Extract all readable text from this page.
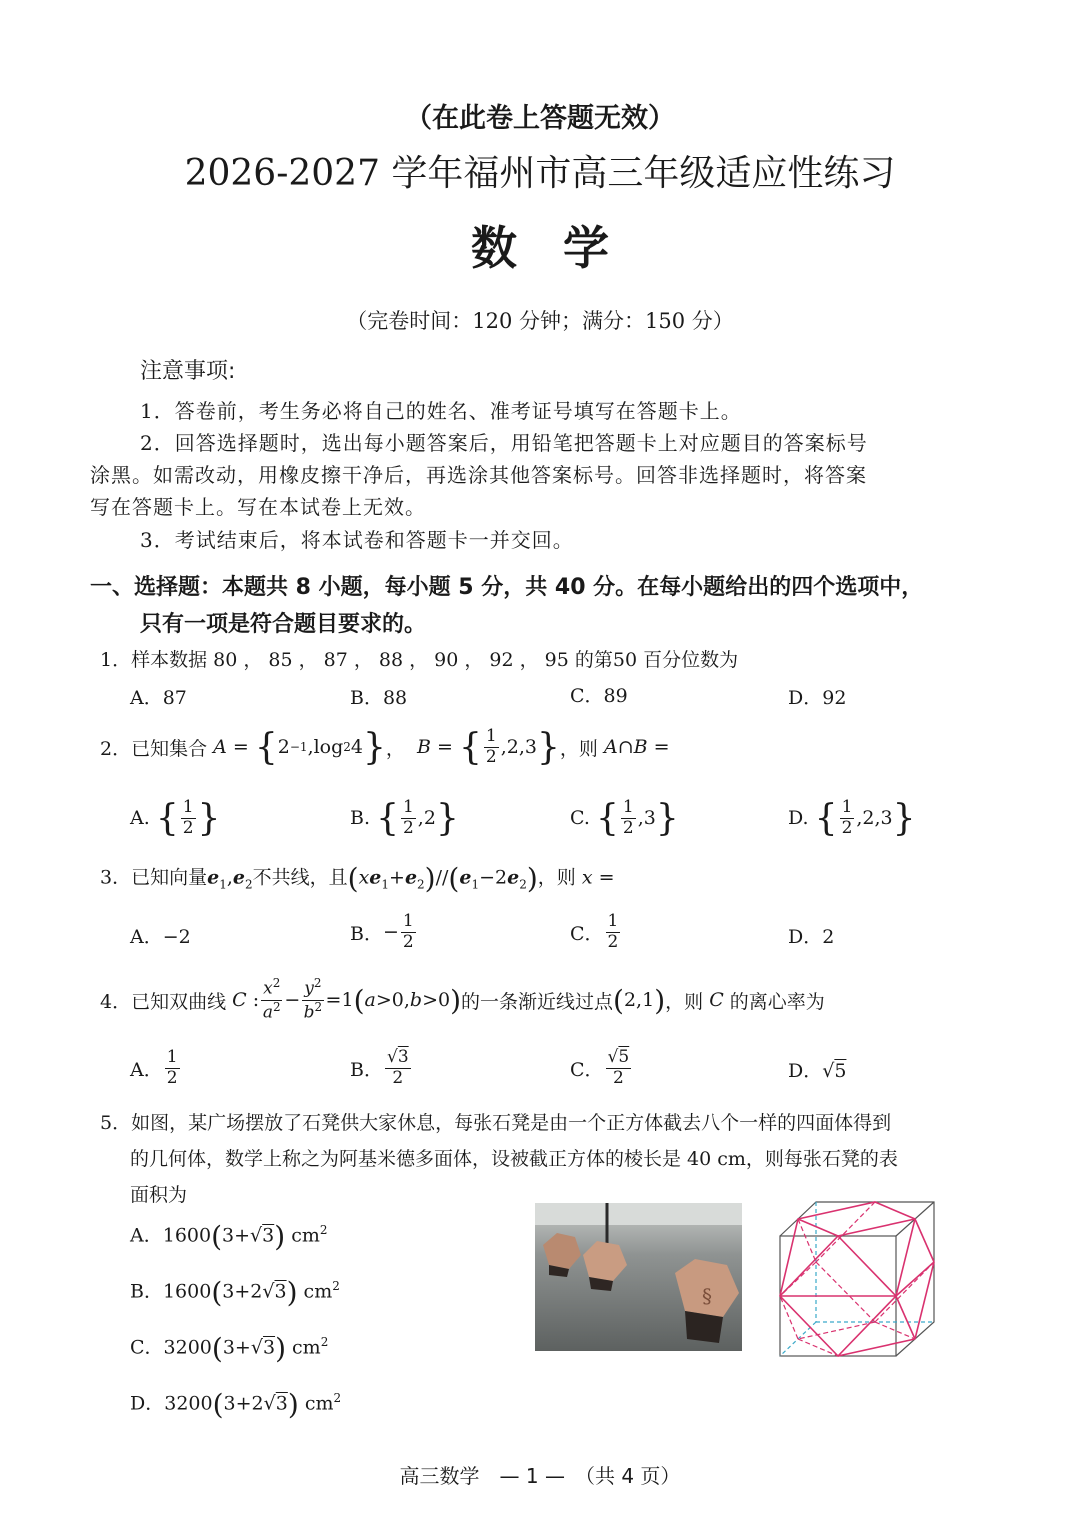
（在此卷上答题无效）
2026-2027 学年福州市高三年级适应性练习
数　学
（完卷时间：120 分钟；满分：150 分）
注意事项:
1．答卷前，考生务必将自己的姓名、准考证号填写在答题卡上。
2．回答选择题时，选出每小题答案后，用铅笔把答题卡上对应题目的答案标号
涂黑。如需改动，用橡皮擦干净后，再选涂其他答案标号。回答非选择题时，将答案
写在答题卡上。写在本试卷上无效。
3．考试结束后，将本试卷和答题卡一并交回。
一、选择题：本题共 8 小题，每小题 5 分，共 40 分。在每小题给出的四个选项中，
只有一项是符合题目要求的。
1．样本数据 80 ， 85 ， 87 ， 88 ， 90 ， 92 ， 95 的第50 百分位数为
A．87	B．88	C．89	D．92
2．已知集合 A = { 2 −1 ,log 2 4 } ， B = { $\frac{1}{2} ,2,3$ } ，则
A ∩ B =
A.
{ $\frac{1}{2}$ }	B.
{ $\frac{1}{2} ,2$ }	C.
{ $\frac{1}{2} ,3$ }	D.
{ $\frac{1}{2} ,2,3$ }
3．已知向量$e_1,e_2$不共线，且$(xe_1+e_2)//(e_1-2e_2)$，则 x =
A．−2	B． − $\frac{1}{2}$	C． $\frac{1}{2}$	D．2
4．已知双曲线
C : $\frac{x^2}{a^2} - \frac{y^2}{b^2} =1$ ( a >0, b >0 ) 的一条渐近线过点 ( 2,1 ) ，则
C
的离心率为
A． $\frac{1}{2}$	B． $\frac{√3}{2}$	C． $\frac{√5}{2}$	D．√5
5．如图，某广场摆放了石凳供大家休息，每张石凳是由一个正方体截去八个一样的四面体得到
的几何体，数学上称之为阿基米德多面体，设被截正方体的棱长是 40 cm，则每张石凳的表
面积为
A．1600(3+√3) $cm^2$
B．1600(3+2√3) $cm^2$
C．3200(3+√3) $cm^2$
D．3200(3+2√3) $cm^2$
§
高三数学　— 1 —　（共 4 页）
